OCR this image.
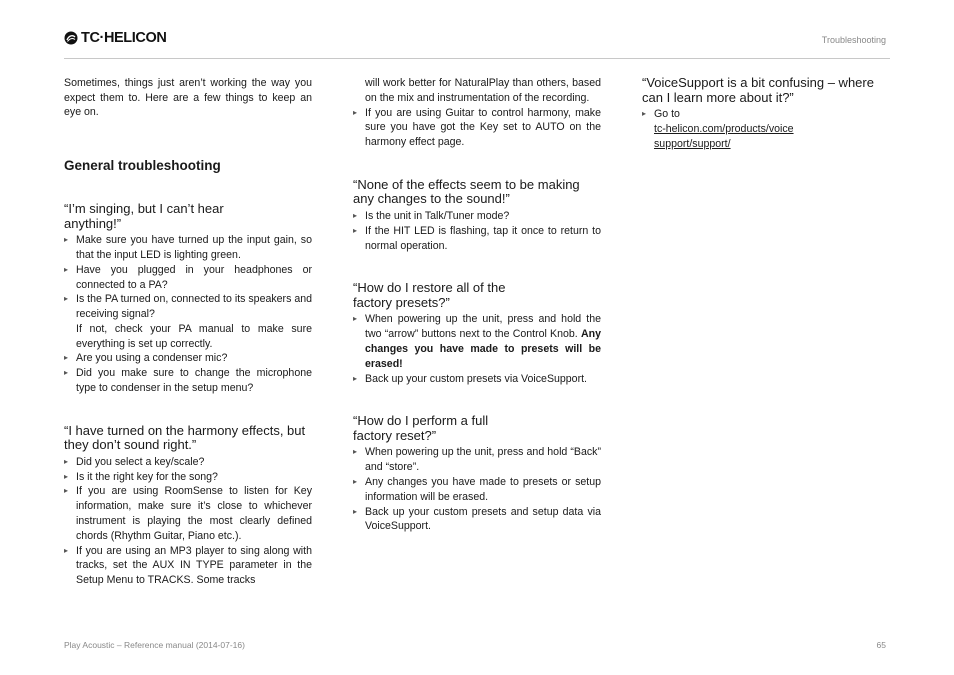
TC·HELICON	Troubleshooting

Sometimes, things just aren’t working the way you expect them to. Here are a few things to keep an eye on.

General troubleshooting
“I’m singing, but I can’t hear anything!”
▸ Make sure you have turned up the input gain, so that the input LED is lighting green.
▸ Have you plugged in your headphones or connected to a PA?
▸ Is the PA turned on, connected to its speakers and receiving signal?
If not, check your PA manual to make sure everything is set up correctly.
▸ Are you using a condenser mic?
▸ Did you make sure to change the microphone type to condenser in the setup menu?
“I have turned on the harmony effects, but they don’t sound right.”
▸ Did you select a key/scale?
▸ Is it the right key for the song?
▸ If you are using RoomSense to listen for Key information, make sure it’s close to whichever instrument is playing the most clearly defined chords (Rhythm Guitar, Piano etc.).
▸ If you are using an MP3 player to sing along with tracks, set the AUX IN TYPE parameter in the Setup Menu to TRACKS. Some tracks
will work better for NaturalPlay than others, based on the mix and instrumentation of the recording.
▸ If you are using Guitar to control harmony, make sure you have got the Key set to AUTO on the harmony effect page.
“None of the effects seem to be making any changes to the sound!”
▸ Is the unit in Talk/Tuner mode?
▸ If the HIT LED is flashing, tap it once to return to normal operation.
“How do I restore all of the factory presets?”
▸ When powering up the unit, press and hold the two “arrow” buttons next to the Control Knob. Any changes you have made to presets will be erased!
▸ Back up your custom presets via VoiceSupport.
“How do I perform a full factory reset?”
▸ When powering up the unit, press and hold “Back” and “store”.
▸ Any changes you have made to presets or setup information will be erased.
▸ Back up your custom presets and setup data via VoiceSupport.
“VoiceSupport is a bit confusing – where can I learn more about it?”
▸ Go to
tc-helicon.com/products/voicesupport/support/
Play Acoustic – Reference manual (2014-07-16)	65
